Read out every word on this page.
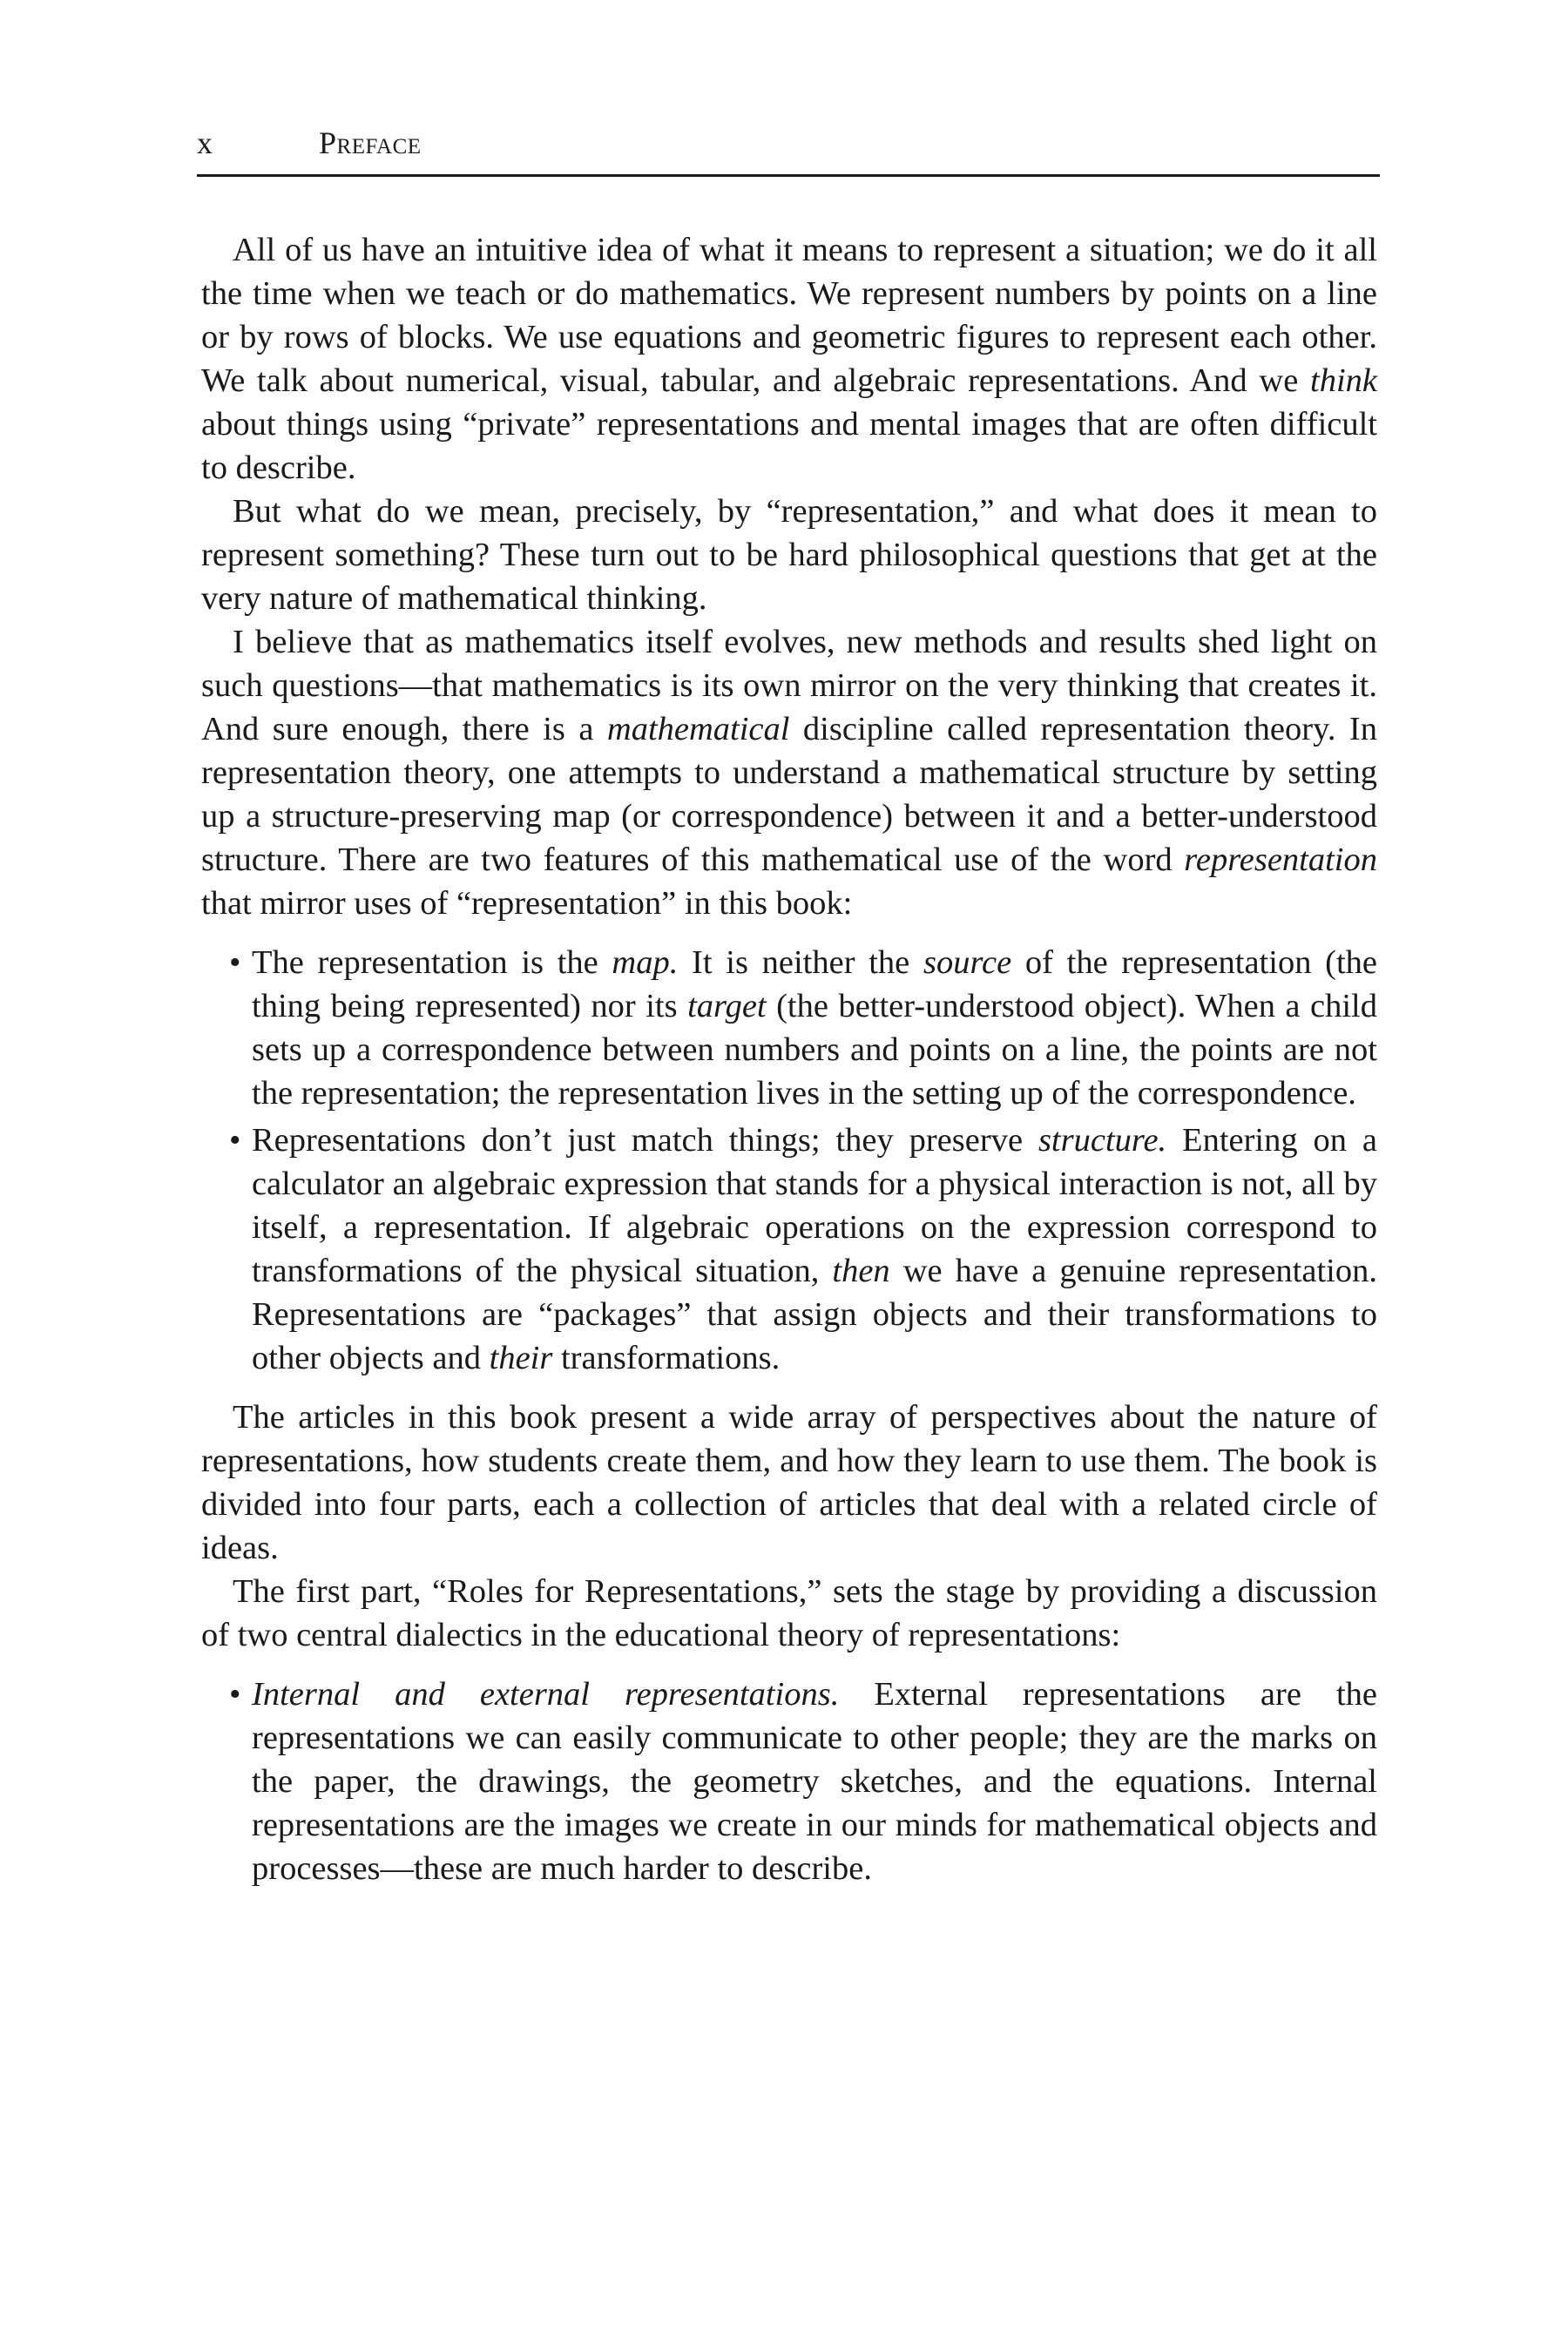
x	Preface

All of us have an intuitive idea of what it means to represent a situation; we do it all the time when we teach or do mathematics. We represent numbers by points on a line or by rows of blocks. We use equations and geometric figures to represent each other. We talk about numerical, visual, tabular, and algebraic representations. And we think about things using “private” representations and mental images that are often difficult to describe.

But what do we mean, precisely, by “representation,” and what does it mean to represent something? These turn out to be hard philosophical questions that get at the very nature of mathematical thinking.

I believe that as mathematics itself evolves, new methods and results shed light on such questions—that mathematics is its own mirror on the very thinking that creates it. And sure enough, there is a mathematical discipline called representation theory. In representation theory, one attempts to understand a mathematical structure by setting up a structure-preserving map (or correspondence) between it and a better-understood structure. There are two features of this mathematical use of the word representation that mirror uses of “representation” in this book:

• The representation is the map. It is neither the source of the representation (the thing being represented) nor its target (the better-understood object). When a child sets up a correspondence between numbers and points on a line, the points are not the representation; the representation lives in the setting up of the correspondence.
• Representations don’t just match things; they preserve structure. Entering on a calculator an algebraic expression that stands for a physical interaction is not, all by itself, a representation. If algebraic operations on the expression correspond to transformations of the physical situation, then we have a genuine representation. Representations are “packages” that assign objects and their transformations to other objects and their transformations.

The articles in this book present a wide array of perspectives about the nature of representations, how students create them, and how they learn to use them. The book is divided into four parts, each a collection of articles that deal with a related circle of ideas.

The first part, “Roles for Representations,” sets the stage by providing a discussion of two central dialectics in the educational theory of representations:

• Internal and external representations. External representations are the representations we can easily communicate to other people; they are the marks on the paper, the drawings, the geometry sketches, and the equations. Internal representations are the images we create in our minds for mathematical objects and processes—these are much harder to describe.
